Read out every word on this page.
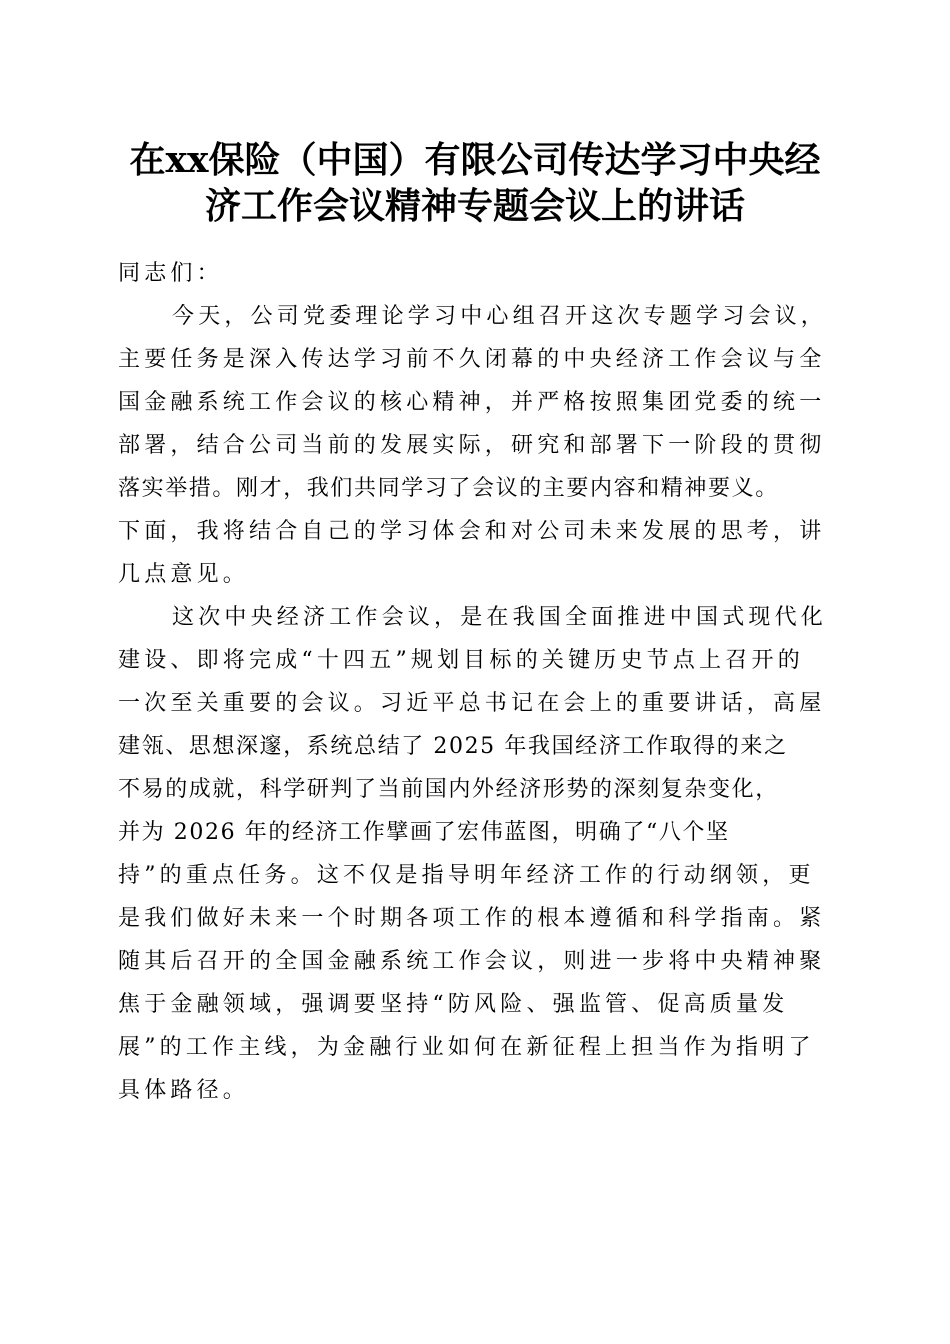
在xx保险（中国）有限公司传达学习中央经
济工作会议精神专题会议上的讲话
同志们：
今天，公司党委理论学习中心组召开这次专题学习会议，
主要任务是深入传达学习前不久闭幕的中央经济工作会议与全
国金融系统工作会议的核心精神，并严格按照集团党委的统一
部署，结合公司当前的发展实际，研究和部署下一阶段的贯彻
落实举措。刚才，我们共同学习了会议的主要内容和精神要义。
下面，我将结合自己的学习体会和对公司未来发展的思考，讲
几点意见。
这次中央经济工作会议，是在我国全面推进中国式现代化
建设、即将完成“十四五”规划目标的关键历史节点上召开的
一次至关重要的会议。习近平总书记在会上的重要讲话，高屋
建瓴、思想深邃，系统总结了 2025 年我国经济工作取得的来之
不易的成就，科学研判了当前国内外经济形势的深刻复杂变化，
并为 2026 年的经济工作擘画了宏伟蓝图，明确了“八个坚
持”的重点任务。这不仅是指导明年经济工作的行动纲领，更
是我们做好未来一个时期各项工作的根本遵循和科学指南。紧
随其后召开的全国金融系统工作会议，则进一步将中央精神聚
焦于金融领域，强调要坚持“防风险、强监管、促高质量发
展”的工作主线，为金融行业如何在新征程上担当作为指明了
具体路径。
